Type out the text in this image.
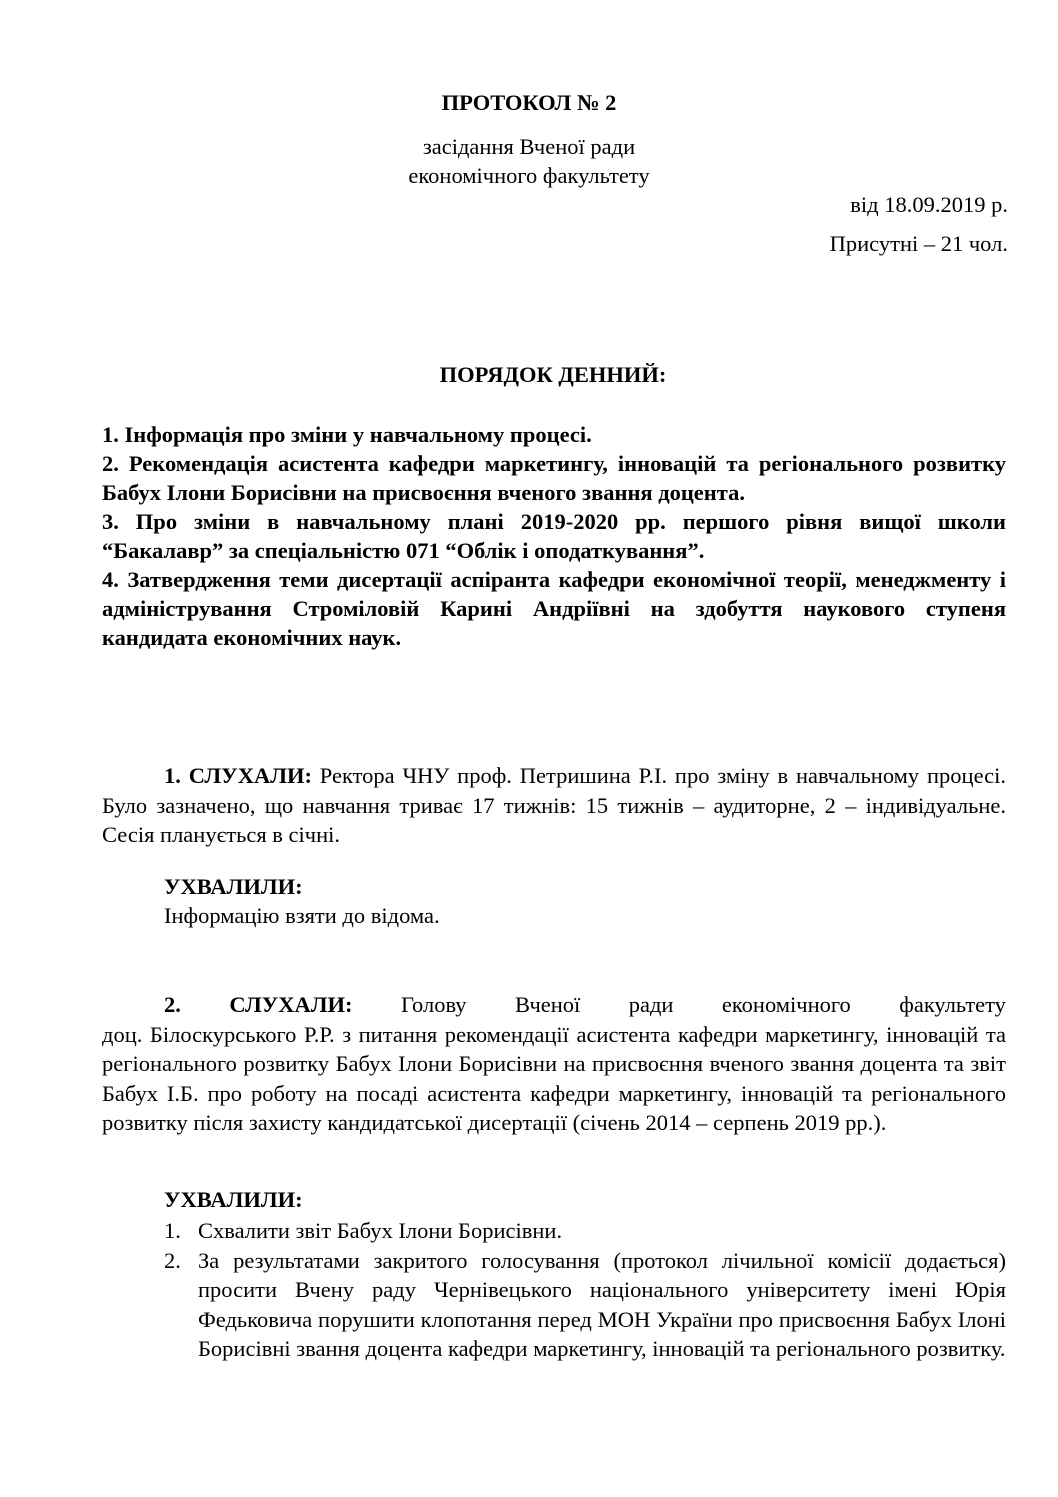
ПРОТОКОЛ № 2

засідання Вченої ради

економічного факультету

від 18.09.2019 р.

Присутні – 21 чол.

ПОРЯДОК ДЕННИЙ:

1. Інформація про зміни у навчальному процесі.

2. Рекомендація асистента кафедри маркетингу, інновацій та регіонального розвитку Бабух Ілони Борисівни на присвоєння вченого звання доцента.

3. Про зміни в навчальному плані 2019-2020 рр. першого рівня вищої школи “Бакалавр” за спеціальністю 071 “Облік і оподаткування”.

4. Затвердження теми дисертації аспіранта кафедри економічної теорії, менеджменту і адміністрування Строміловій Карині Андріївні на здобуття наукового ступеня кандидата економічних наук.

1. СЛУХАЛИ: Ректора ЧНУ проф. Петришина Р.І. про зміну в навчальному процесі. Було зазначено, що навчання триває 17 тижнів: 15 тижнів – аудиторне, 2 – індивідуальне. Сесія планується в січні.

УХВАЛИЛИ:

Інформацію взяти до відома.

2. СЛУХАЛИ: Голову Вченої ради економічного факультету
доц. Білоскурського Р.Р. з питання рекомендації асистента кафедри маркетингу, інновацій та регіонального розвитку Бабух Ілони Борисівни на присвоєння вченого звання доцента та звіт Бабух І.Б. про роботу на посаді асистента кафедри маркетингу, інновацій та регіонального розвитку після захисту кандидатської дисертації (січень 2014 – серпень 2019 рр.).

УХВАЛИЛИ:

1. Схвалити звіт Бабух Ілони Борисівни.
2. За результатами закритого голосування (протокол лічильної комісії додається) просити Вчену раду Чернівецького національного університету імені Юрія Федьковича порушити клопотання перед МОН України про присвоєння Бабух Ілоні Борисівні звання доцента кафедри маркетингу, інновацій та регіонального розвитку.
